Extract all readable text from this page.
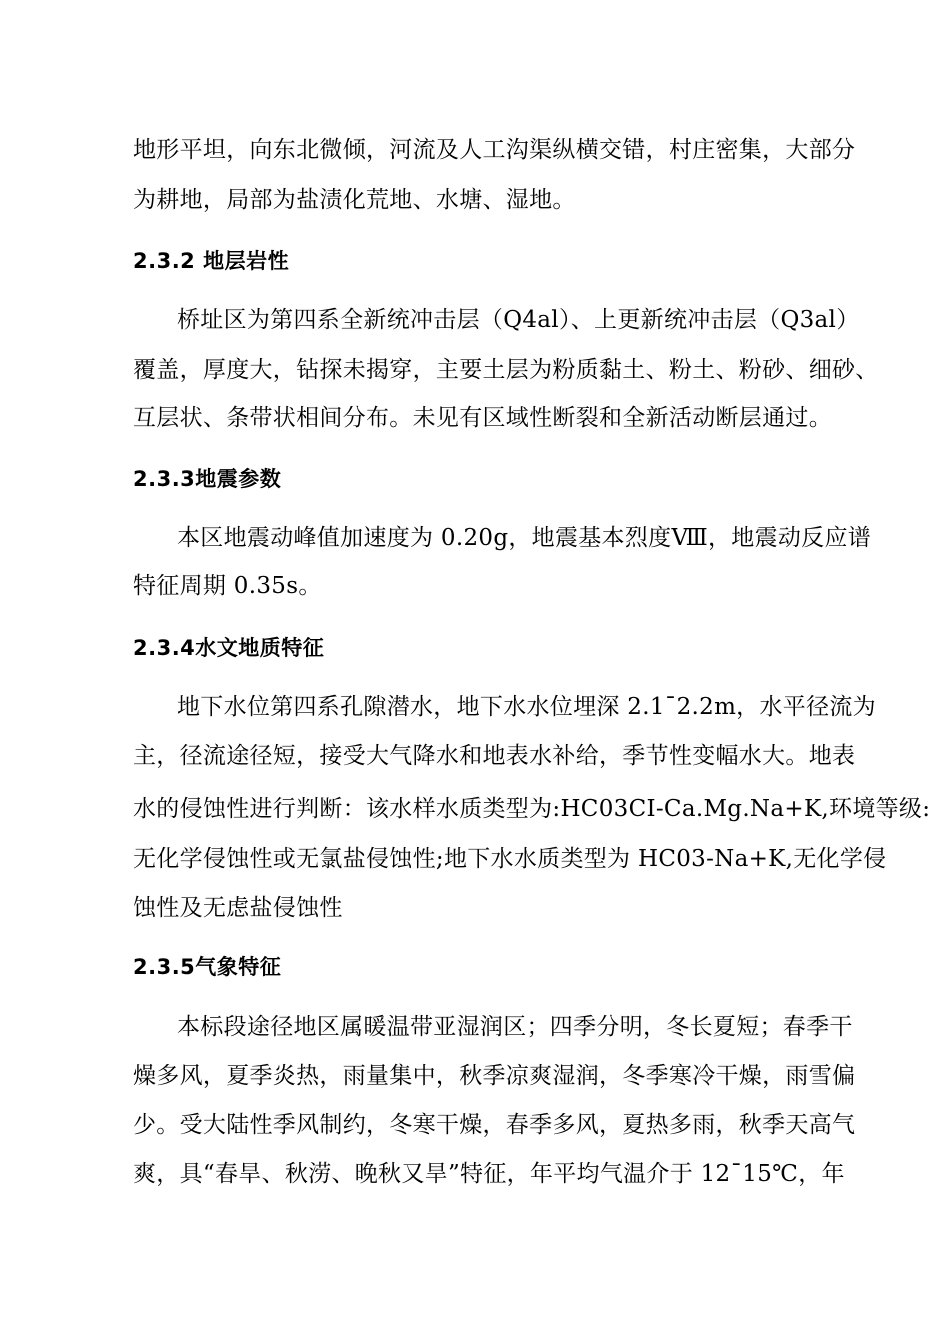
地形平坦，向东北微倾，河流及人工沟渠纵横交错，村庄密集，大部分
为耕地，局部为盐渍化荒地、水塘、湿地。
2.3.2 地层岩性
桥址区为第四系全新统冲击层（Q4al）、上更新统冲击层（Q3al）
覆盖，厚度大，钻探未揭穿，主要土层为粉质黏土、粉土、粉砂、细砂、
互层状、条带状相间分布。未见有区域性断裂和全新活动断层通过。
2.3.3地震参数
本区地震动峰值加速度为 0.20g，地震基本烈度Ⅷ，地震动反应谱
特征周期 0.35s。
2.3.4水文地质特征
地下水位第四系孔隙潜水，地下水水位埋深 2.1¯2.2m，水平径流为
主，径流途径短，接受大气降水和地表水补给，季节性变幅水大。地表
水的侵蚀性进行判断：该水样水质类型为:HC03CI-Ca.Mg.Na+K,环境等级:
无化学侵蚀性或无氯盐侵蚀性;地下水水质类型为 HC03-Na+K,无化学侵
蚀性及无虑盐侵蚀性
2.3.5气象特征
本标段途径地区属暖温带亚湿润区；四季分明，冬长夏短；春季干
燥多风，夏季炎热，雨量集中，秋季凉爽湿润，冬季寒冷干燥，雨雪偏
少。受大陆性季风制约，冬寒干燥，春季多风，夏热多雨，秋季天高气
爽，具“春旱、秋涝、晚秋又旱”特征，年平均气温介于 12¯15℃，年
